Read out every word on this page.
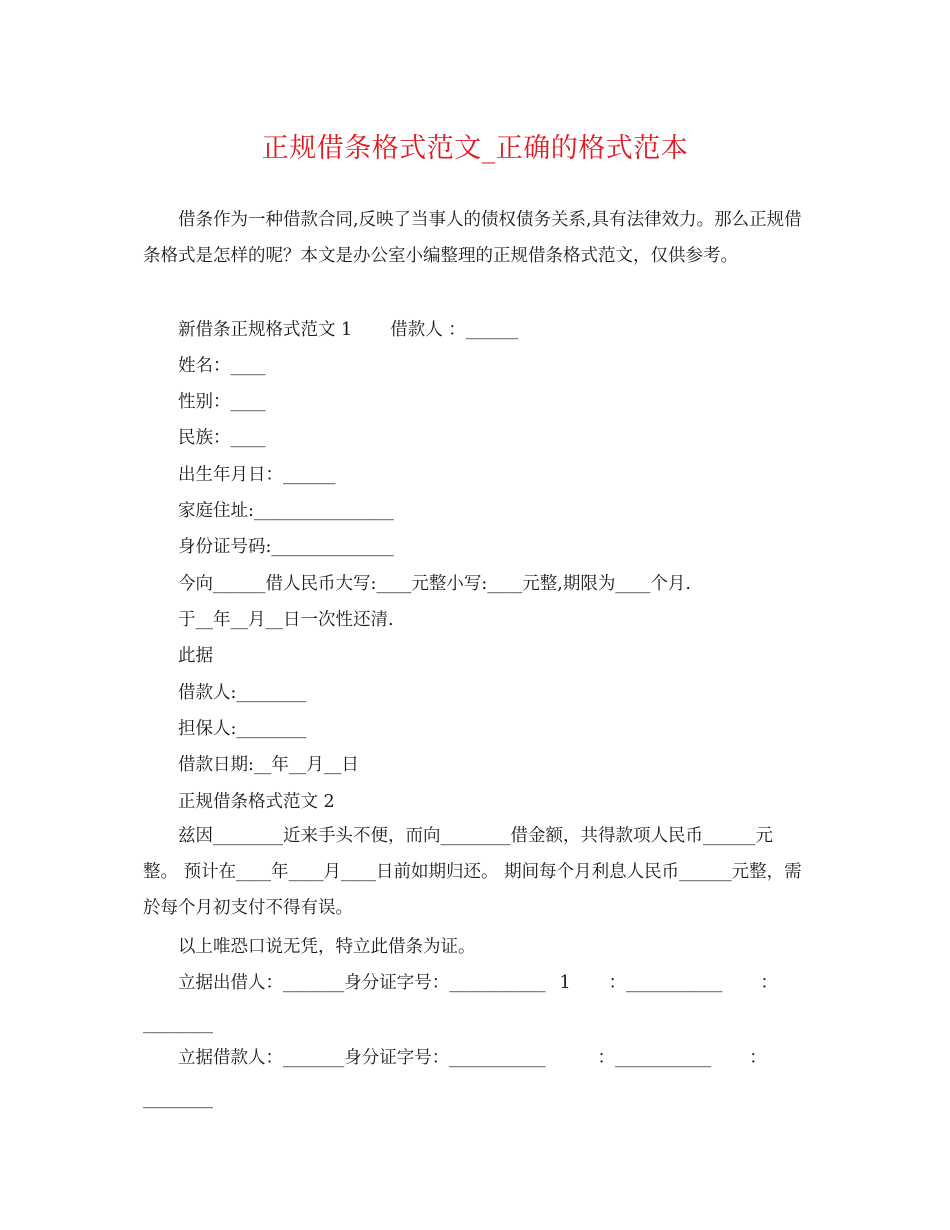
正规借条格式范文_正确的格式范本

借条作为一种借款合同,反映了当事人的债权债务关系,具有法律效力。那么正规借条格式是怎样的呢？本文是办公室小编整理的正规借条格式范文，仅供参考。

新借条正规格式范文 1 借款人 ：______
姓名：____
性别：____
民族：____
出生年月日：______
家庭住址:________________
身份证号码:______________
今向______借人民币大写:____元整小写:____元整,期限为____个月.
于__年__月__日一次性还清.
此据
借款人:________
担保人:________
借款日期:__年__月__日
正规借条格式范文 2

兹因________近来手头不便，而向________借金额，共得款项人民币______元整。 预计在____年____月____日前如期归还。 期间每个月利息人民币______元整，需於每个月初支付不得有误。

以上唯恐口说无凭，特立此借条为证。
立据出借人：_______身分证字号：___________ 1 ：___________ ：
________
立据借款人：_______身分证字号：___________	：___________ ：
________
